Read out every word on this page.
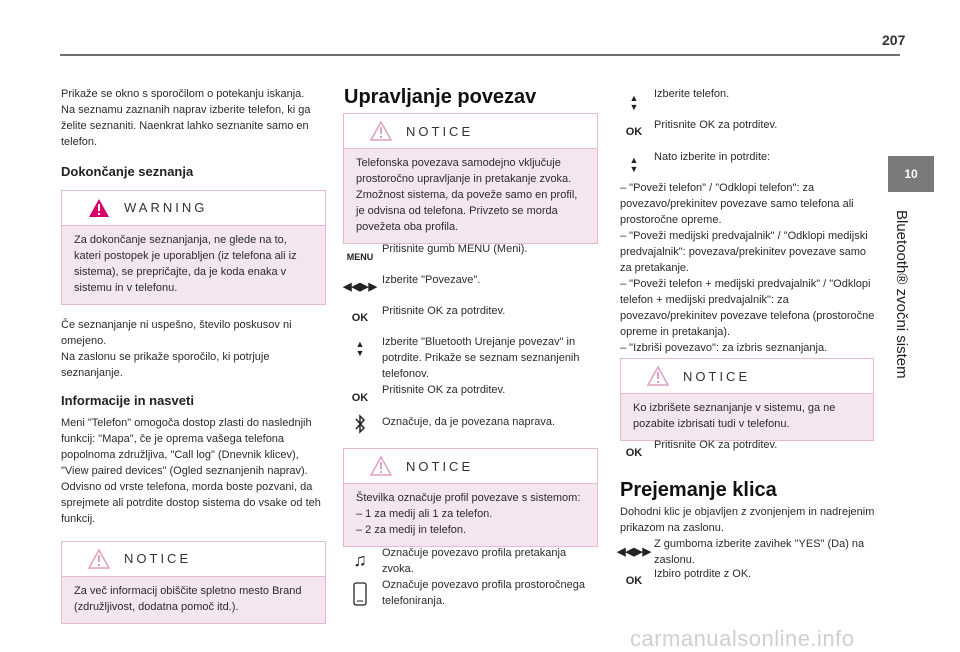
207
10
Bluetooth® zvočni sistem

Prikaže se okno s sporočilom o potekanju iskanja.

Na seznamu zaznanih naprav izberite telefon, ki ga želite seznaniti. Naenkrat lahko seznanite samo en telefon.

Dokončanje seznanja
WARNING
Za dokončanje seznanjanja, ne glede na to, kateri postopek je uporabljen (iz telefona ali iz sistema), se prepričajte, da je koda enaka v sistemu in v telefonu.

Če seznanjanje ni uspešno, število poskusov ni omejeno.

Na zaslonu se prikaže sporočilo, ki potrjuje seznanjanje.

Informacije in nasveti

Meni "Telefon" omogoča dostop zlasti do naslednjih funkcij: "Mapa", če je oprema vašega telefona popolnoma združljiva, "Call log" (Dnevnik klicev), "View paired devices" (Ogled seznanjenih naprav).

Odvisno od vrste telefona, morda boste pozvani, da sprejmete ali potrdite dostop sistema do vsake od teh funkcij.

NOTICE
Za več informacij obiščite spletno mesto Brand (združljivost, dodatna pomoč itd.).
Upravljanje povezav
NOTICE
Telefonska povezava samodejno vključuje prostoročno upravljanje in pretakanje zvoka. Zmožnost sistema, da poveže samo en profil, je odvisna od telefona. Privzeto se morda povežeta oba profila.
MENU
Pritisnite gumb MENU (Meni).
◀◀▶▶
Izberite "Povezave".
OK
Pritisnite OK za potrditev.
▲
▼
Izberite "Bluetooth Urejanje povezav" in potrdite. Prikaže se seznam seznanjenih telefonov.
OK
Pritisnite OK za potrditev.
Označuje, da je povezana naprava.
NOTICE
Številka označuje profil povezave s sistemom:
– 1 za medij ali 1 za telefon.
– 2 za medij in telefon.
♫	Označuje povezavo profila pretakanja zvoka.
Označuje povezavo profila prostoročnega telefoniranja.
▲
▼
Izberite telefon.
OK
Pritisnite OK za potrditev.
▲
▼
Nato izberite in potrdite:

– "Poveži telefon" / "Odklopi telefon": za povezavo/prekinitev povezave samo telefona ali prostoročne opreme.

– "Poveži medijski predvajalnik" / "Odklopi medijski predvajalnik": povezava/prekinitev povezave samo za pretakanje.

– "Poveži telefon + medijski predvajalnik" / "Odklopi telefon + medijski predvajalnik": za povezavo/prekinitev povezave telefona (prostoročne opreme in pretakanja).

– "Izbriši povezavo": za izbris seznanjanja.

NOTICE
Ko izbrišete seznanjanje v sistemu, ga ne pozabite izbrisati tudi v telefonu.
OK
Pritisnite OK za potrditev.
Prejemanje klica
Dohodni klic je objavljen z zvonjenjem in nadrejenim prikazom na zaslonu.
◀◀▶▶
Z gumboma izberite zavihek "YES" (Da) na zaslonu.
OK
Izbiro potrdite z OK.
carmanualsonline.info
